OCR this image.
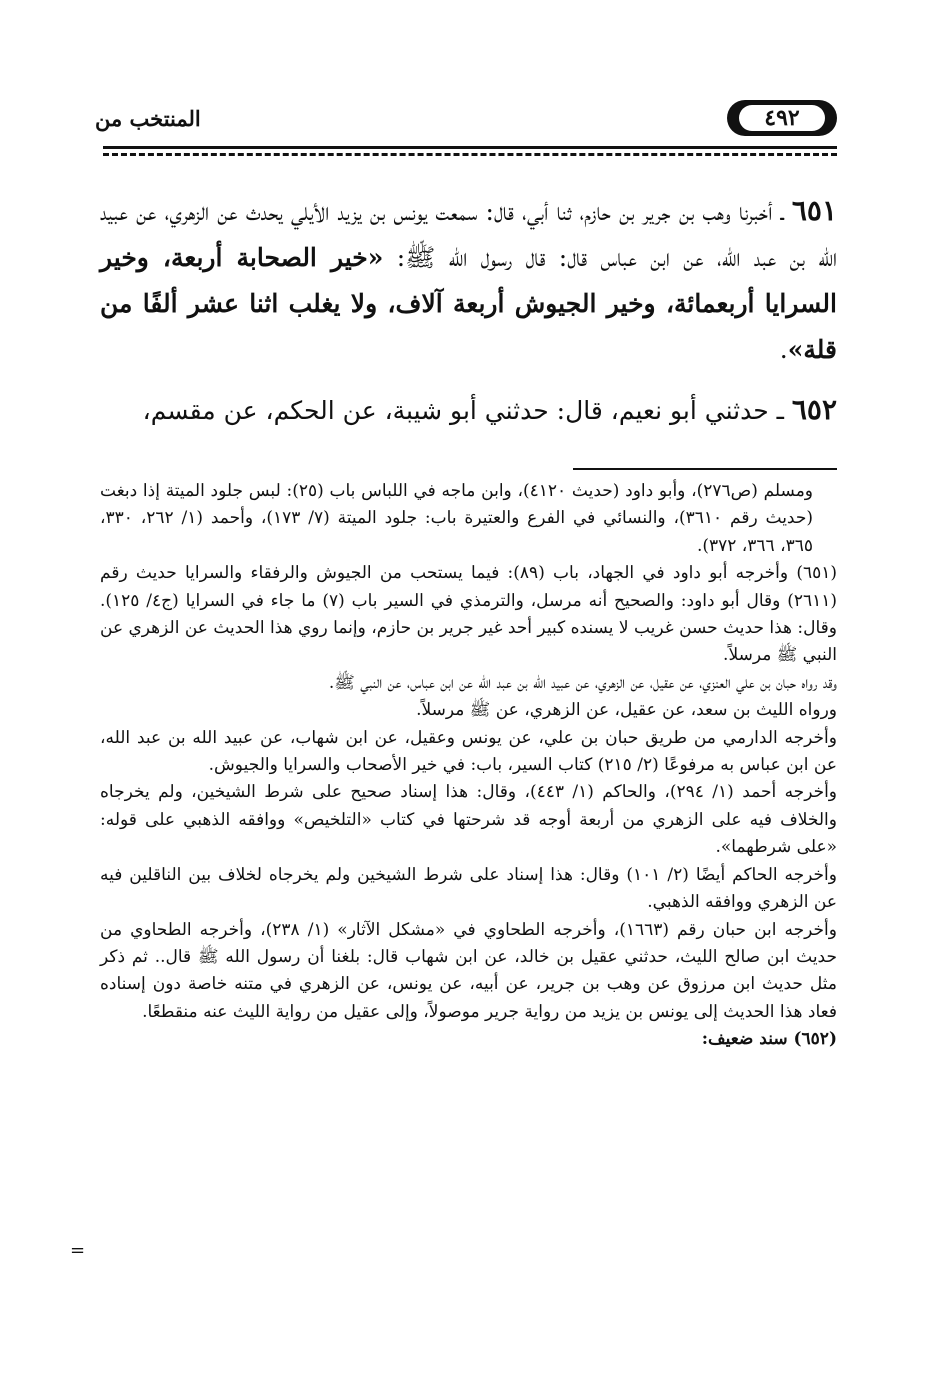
٤٩٢
المنتخب من

٦٥١ ـ أخبرنا وهب بن جرير بن حازم، ثنا أبي، قال: سمعت يونس بن يزيد الأيلي يحدث عن الزهري، عن عبيد الله بن عبد الله، عن ابن عباس قال: قال رسول الله ﷺ: «خير الصحابة أربعة، وخير السرايا أربعمائة، وخير الجيوش أربعة آلاف، ولا يغلب اثنا عشر ألفًا من قلة».

٦٥٢ ـ حدثني أبو نعيم، قال: حدثني أبو شيبة، عن الحكم، عن مقسم،

ومسلم (ص٢٧٦)، وأبو داود (حديث ٤١٢٠)، وابن ماجه في اللباس باب (٢٥): لبس جلود الميتة إذا دبغت (حديث رقم ٣٦١٠)، والنسائي في الفرع والعتيرة باب: جلود الميتة (٧/ ١٧٣)، وأحمد (١/ ٢٦٢، ٣٣٠، ٣٦٥، ٣٦٦، ٣٧٢).

(٦٥١) وأخرجه أبو داود في الجهاد، باب (٨٩): فيما يستحب من الجيوش والرفقاء والسرايا حديث رقم (٢٦١١) وقال أبو داود: والصحيح أنه مرسل، والترمذي في السير باب (٧) ما جاء في السرايا (ج٤/ ١٢٥). وقال: هذا حديث حسن غريب لا يسنده كبير أحد غير جرير بن حازم، وإنما روي هذا الحديث عن الزهري عن النبي ﷺ مرسلاً.

وقد رواه حبان بن علي العنزي، عن عقيل، عن الزهري، عن عبيد الله بن عبد الله عن ابن عباس، عن النبي ﷺ.

ورواه الليث بن سعد، عن عقيل، عن الزهري، عن ﷺ مرسلاً.

وأخرجه الدارمي من طريق حبان بن علي، عن يونس وعقيل، عن ابن شهاب، عن عبيد الله بن عبد الله، عن ابن عباس به مرفوعًا (٢/ ٢١٥) كتاب السير، باب: في خير الأصحاب والسرايا والجيوش.

وأخرجه أحمد (١/ ٢٩٤)، والحاكم (١/ ٤٤٣)، وقال: هذا إسناد صحيح على شرط الشيخين، ولم يخرجاه والخلاف فيه على الزهري من أربعة أوجه قد شرحتها في كتاب «التلخيص» ووافقه الذهبي على قوله: «على شرطهما».

وأخرجه الحاكم أيضًا (٢/ ١٠١) وقال: هذا إسناد على شرط الشيخين ولم يخرجاه لخلاف بين الناقلين فيه عن الزهري ووافقه الذهبي.

وأخرجه ابن حبان رقم (١٦٦٣)، وأخرجه الطحاوي في «مشكل الآثار» (١/ ٢٣٨)، وأخرجه الطحاوي من حديث ابن صالح الليث، حدثني عقيل بن خالد، عن ابن شهاب قال: بلغنا أن رسول الله ﷺ قال.. ثم ذكر مثل حديث ابن مرزوق عن وهب بن جرير، عن أبيه، عن يونس، عن الزهري في متنه خاصة دون إسناده فعاد هذا الحديث إلى يونس بن يزيد من رواية جرير موصولاً، وإلى عقيل من رواية الليث عنه منقطعًا.

(٦٥٢) سند ضعيف:

=
